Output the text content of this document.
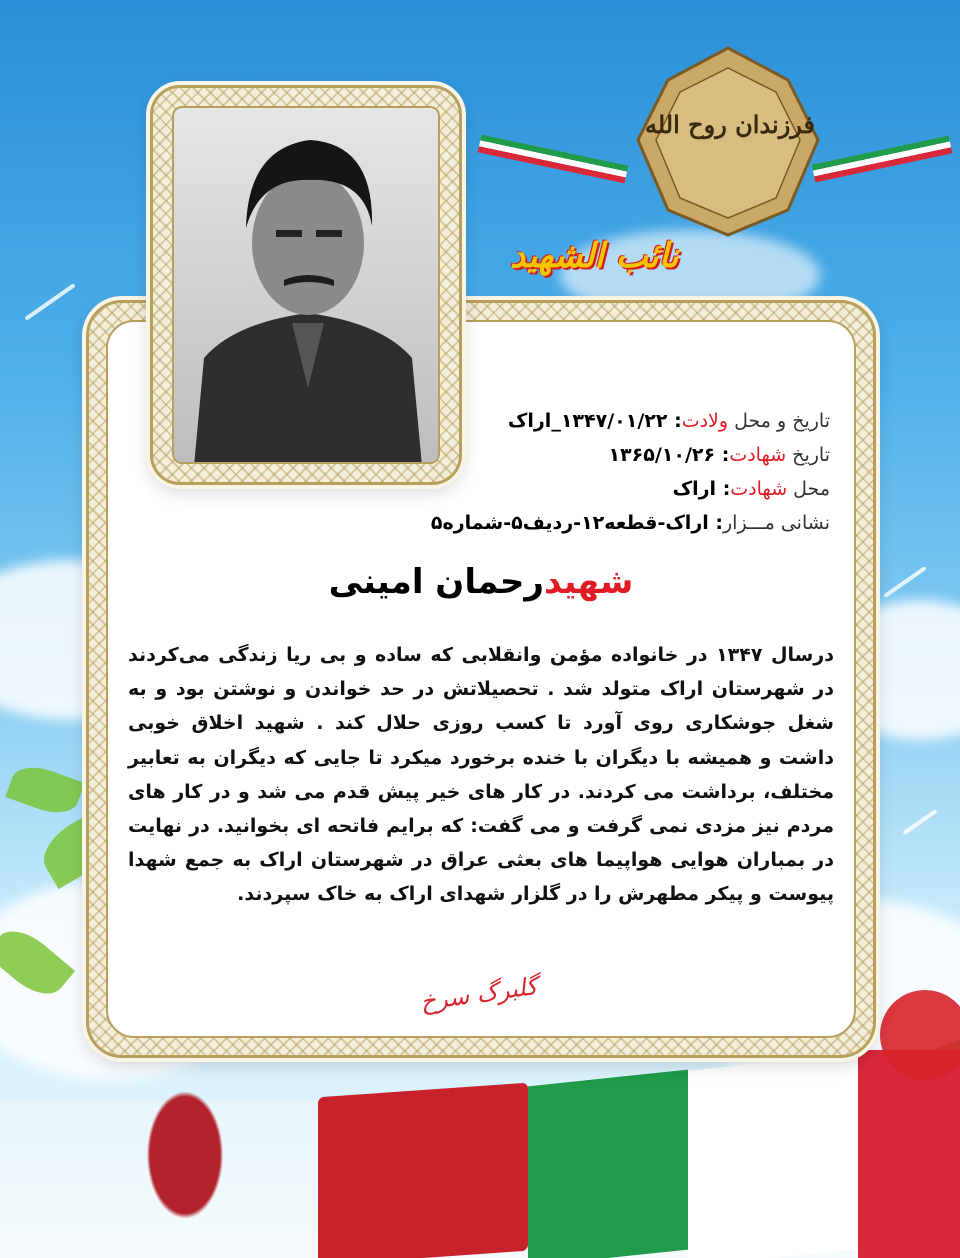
فرزندان روح الله
نائب الشهید
تاریخ و محل ولادت: ۱۳۴۷/۰۱/۲۲_اراک
تاریخ شهادت: ۱۳۶۵/۱۰/۲۶
محل شهادت: اراک
نشانی مـــزار: اراک-قطعه۱۲-ردیف۵-شماره۵
شهیدرحمان امینی

درسال ۱۳۴۷ در خانواده مؤمن وانقلابی که ساده و بی ریا زندگی می‌کردند در شهرستان اراک متولد شد . تحصیلاتش در حد خواندن و نوشتن بود و به شغل جوشکاری روی آورد تا کسب روزی حلال کند . شهید اخلاق خوبی داشت و همیشه با دیگران با خنده برخورد میکرد تا جایی که دیگران به تعابیر مختلف، برداشت می کردند. در کار های خیر پیش قدم می شد و در کار های مردم نیز مزدی نمی گرفت و می گفت: که برایم فاتحه ای بخوانید. در نهایت در بمباران هوایی هواپیما های بعثی عراق در شهرستان اراک به جمع شهدا پیوست و پیکر مطهرش را در گلزار شهدای اراک به خاک سپردند.

گلبرگ سرخ
